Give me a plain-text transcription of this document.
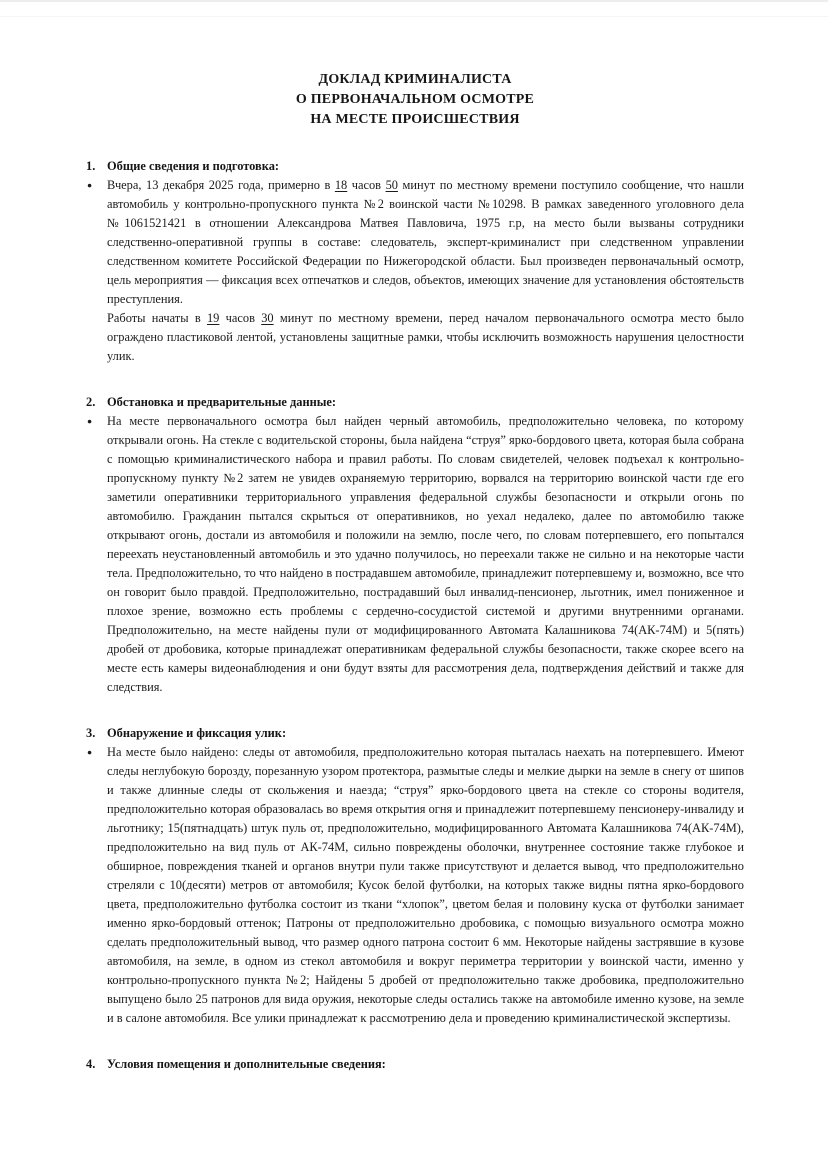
ДОКЛАД КРИМИНАЛИСТА
О ПЕРВОНАЧАЛЬНОМ ОСМОТРЕ
НА МЕСТЕ ПРОИСШЕСТВИЯ
1. Общие сведения и подготовка:
●	Вчера, 13 декабря 2025 года, примерно в 18 часов 50 минут по местному времени поступило сообщение, что нашли автомобиль у контрольно-пропускного пункта №2 воинской части №10298. В рамках заведенного уголовного дела №1061521421 в отношении Александрова Матвея Павловича, 1975 г.р, на место были вызваны сотрудники следственно-оперативной группы в составе: следователь, эксперт-криминалист при следственном управлении следственном комитете Российской Федерации по Нижегородской области. Был произведен первоначальный осмотр, цель мероприятия — фиксация всех отпечатков и следов, объектов, имеющих значение для установления обстоятельств преступления.
Работы начаты в 19 часов 30 минут по местному времени, перед началом первоначального осмотра место было ограждено пластиковой лентой, установлены защитные рамки, чтобы исключить возможность нарушения целостности улик.
2. Обстановка и предварительные данные:
●	На месте первоначального осмотра был найден черный автомобиль, предположительно человека, по которому открывали огонь. На стекле с водительской стороны, была найдена “струя” ярко-бордового цвета, которая была собрана с помощью криминалистического набора и правил работы. По словам свидетелей, человек подъехал к контрольно-пропускному пункту №2 затем не увидев охраняемую территорию, ворвался на территорию воинской части где его заметили оперативники территориального управления федеральной службы безопасности и открыли огонь по автомобилю. Гражданин пытался скрыться от оперативников, но уехал недалеко, далее по автомобилю также открывают огонь, достали из автомобиля и положили на землю, после чего, по словам потерпевшего, его попытался переехать неустановленный автомобиль и это удачно получилось, но переехали также не сильно и на некоторые части тела. Предположительно, то что найдено в пострадавшем автомобиле, принадлежит потерпевшему и, возможно, все что он говорит было правдой. Предположительно, пострадавший был инвалид-пенсионер, льготник, имел пониженное и плохое зрение, возможно есть проблемы с сердечно-сосудистой системой и другими внутренними органами. Предположительно, на месте найдены пули от модифицированного Автомата Калашникова 74(АК-74М) и 5(пять) дробей от дробовика, которые принадлежат оперативникам федеральной службы безопасности, также скорее всего на месте есть камеры видеонаблюдения и они будут взяты для рассмотрения дела, подтверждения действий и также для следствия.
3. Обнаружение и фиксация улик:
●	На месте было найдено: следы от автомобиля, предположительно которая пыталась наехать на потерпевшего. Имеют следы неглубокую борозду, порезанную узором протектора, размытые следы и мелкие дырки на земле в снегу от шипов и также длинные следы от скольжения и наезда; “струя” ярко-бордового цвета на стекле со стороны водителя, предположительно которая образовалась во время открытия огня и принадлежит потерпевшему пенсионеру-инвалиду и льготнику; 15(пятнадцать) штук пуль от, предположительно, модифицированного Автомата Калашникова 74(АК-74М), предположительно на вид пуль от АК-74М, сильно повреждены оболочки, внутреннее состояние также глубокое и обширное, повреждения тканей и органов внутри пули также присутствуют и делается вывод, что предположительно стреляли с 10(десяти) метров от автомобиля; Кусок белой футболки, на которых также видны пятна ярко-бордового цвета, предположительно футболка состоит из ткани “хлопок”, цветом белая и половину куска от футболки занимает именно ярко-бордовый оттенок; Патроны от предположительно дробовика, с помощью визуального осмотра можно сделать предположительный вывод, что размер одного патрона состоит 6 мм. Некоторые найдены застрявшие в кузове автомобиля, на земле, в одном из стекол автомобиля и вокруг периметра территории у воинской части, именно у контрольно-пропускного пункта №2; Найдены 5 дробей от предположительно также дробовика, предположительно выпущено было 25 патронов для вида оружия, некоторые следы остались также на автомобиле именно кузове, на земле и в салоне автомобиля. Все улики принадлежат к рассмотрению дела и проведению криминалистической экспертизы.
4. Условия помещения и дополнительные сведения:
